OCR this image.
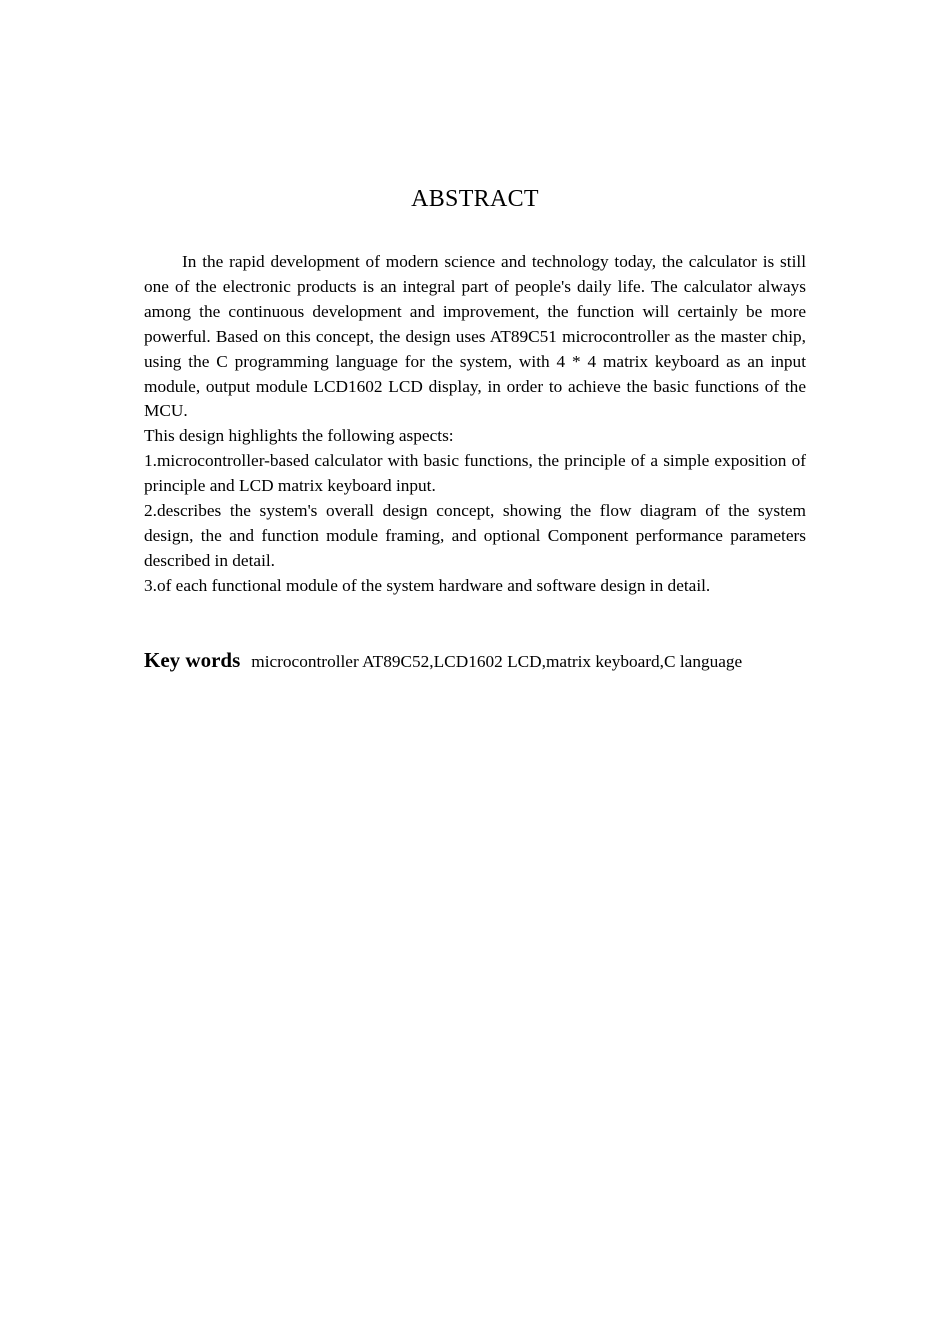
ABSTRACT

In the rapid development of modern science and technology today, the calculator is still one of the electronic products is an integral part of people's daily life. The calculator always among the continuous development and improvement, the function will certainly be more powerful. Based on this concept, the design uses AT89C51 microcontroller as the master chip, using the C programming language for the system, with 4 * 4 matrix keyboard as an input module, output module LCD1602 LCD display, in order to achieve the basic functions of the MCU.

This design highlights the following aspects:

1.microcontroller-based calculator with basic functions, the principle of a simple exposition of principle and LCD matrix keyboard input.

2.describes the system's overall design concept, showing the flow diagram of the system design, the and function module framing, and optional Component performance parameters described in detail.

3.of each functional module of the system hardware and software design in detail.

Key words microcontroller AT89C52,LCD1602 LCD,matrix keyboard,C language
